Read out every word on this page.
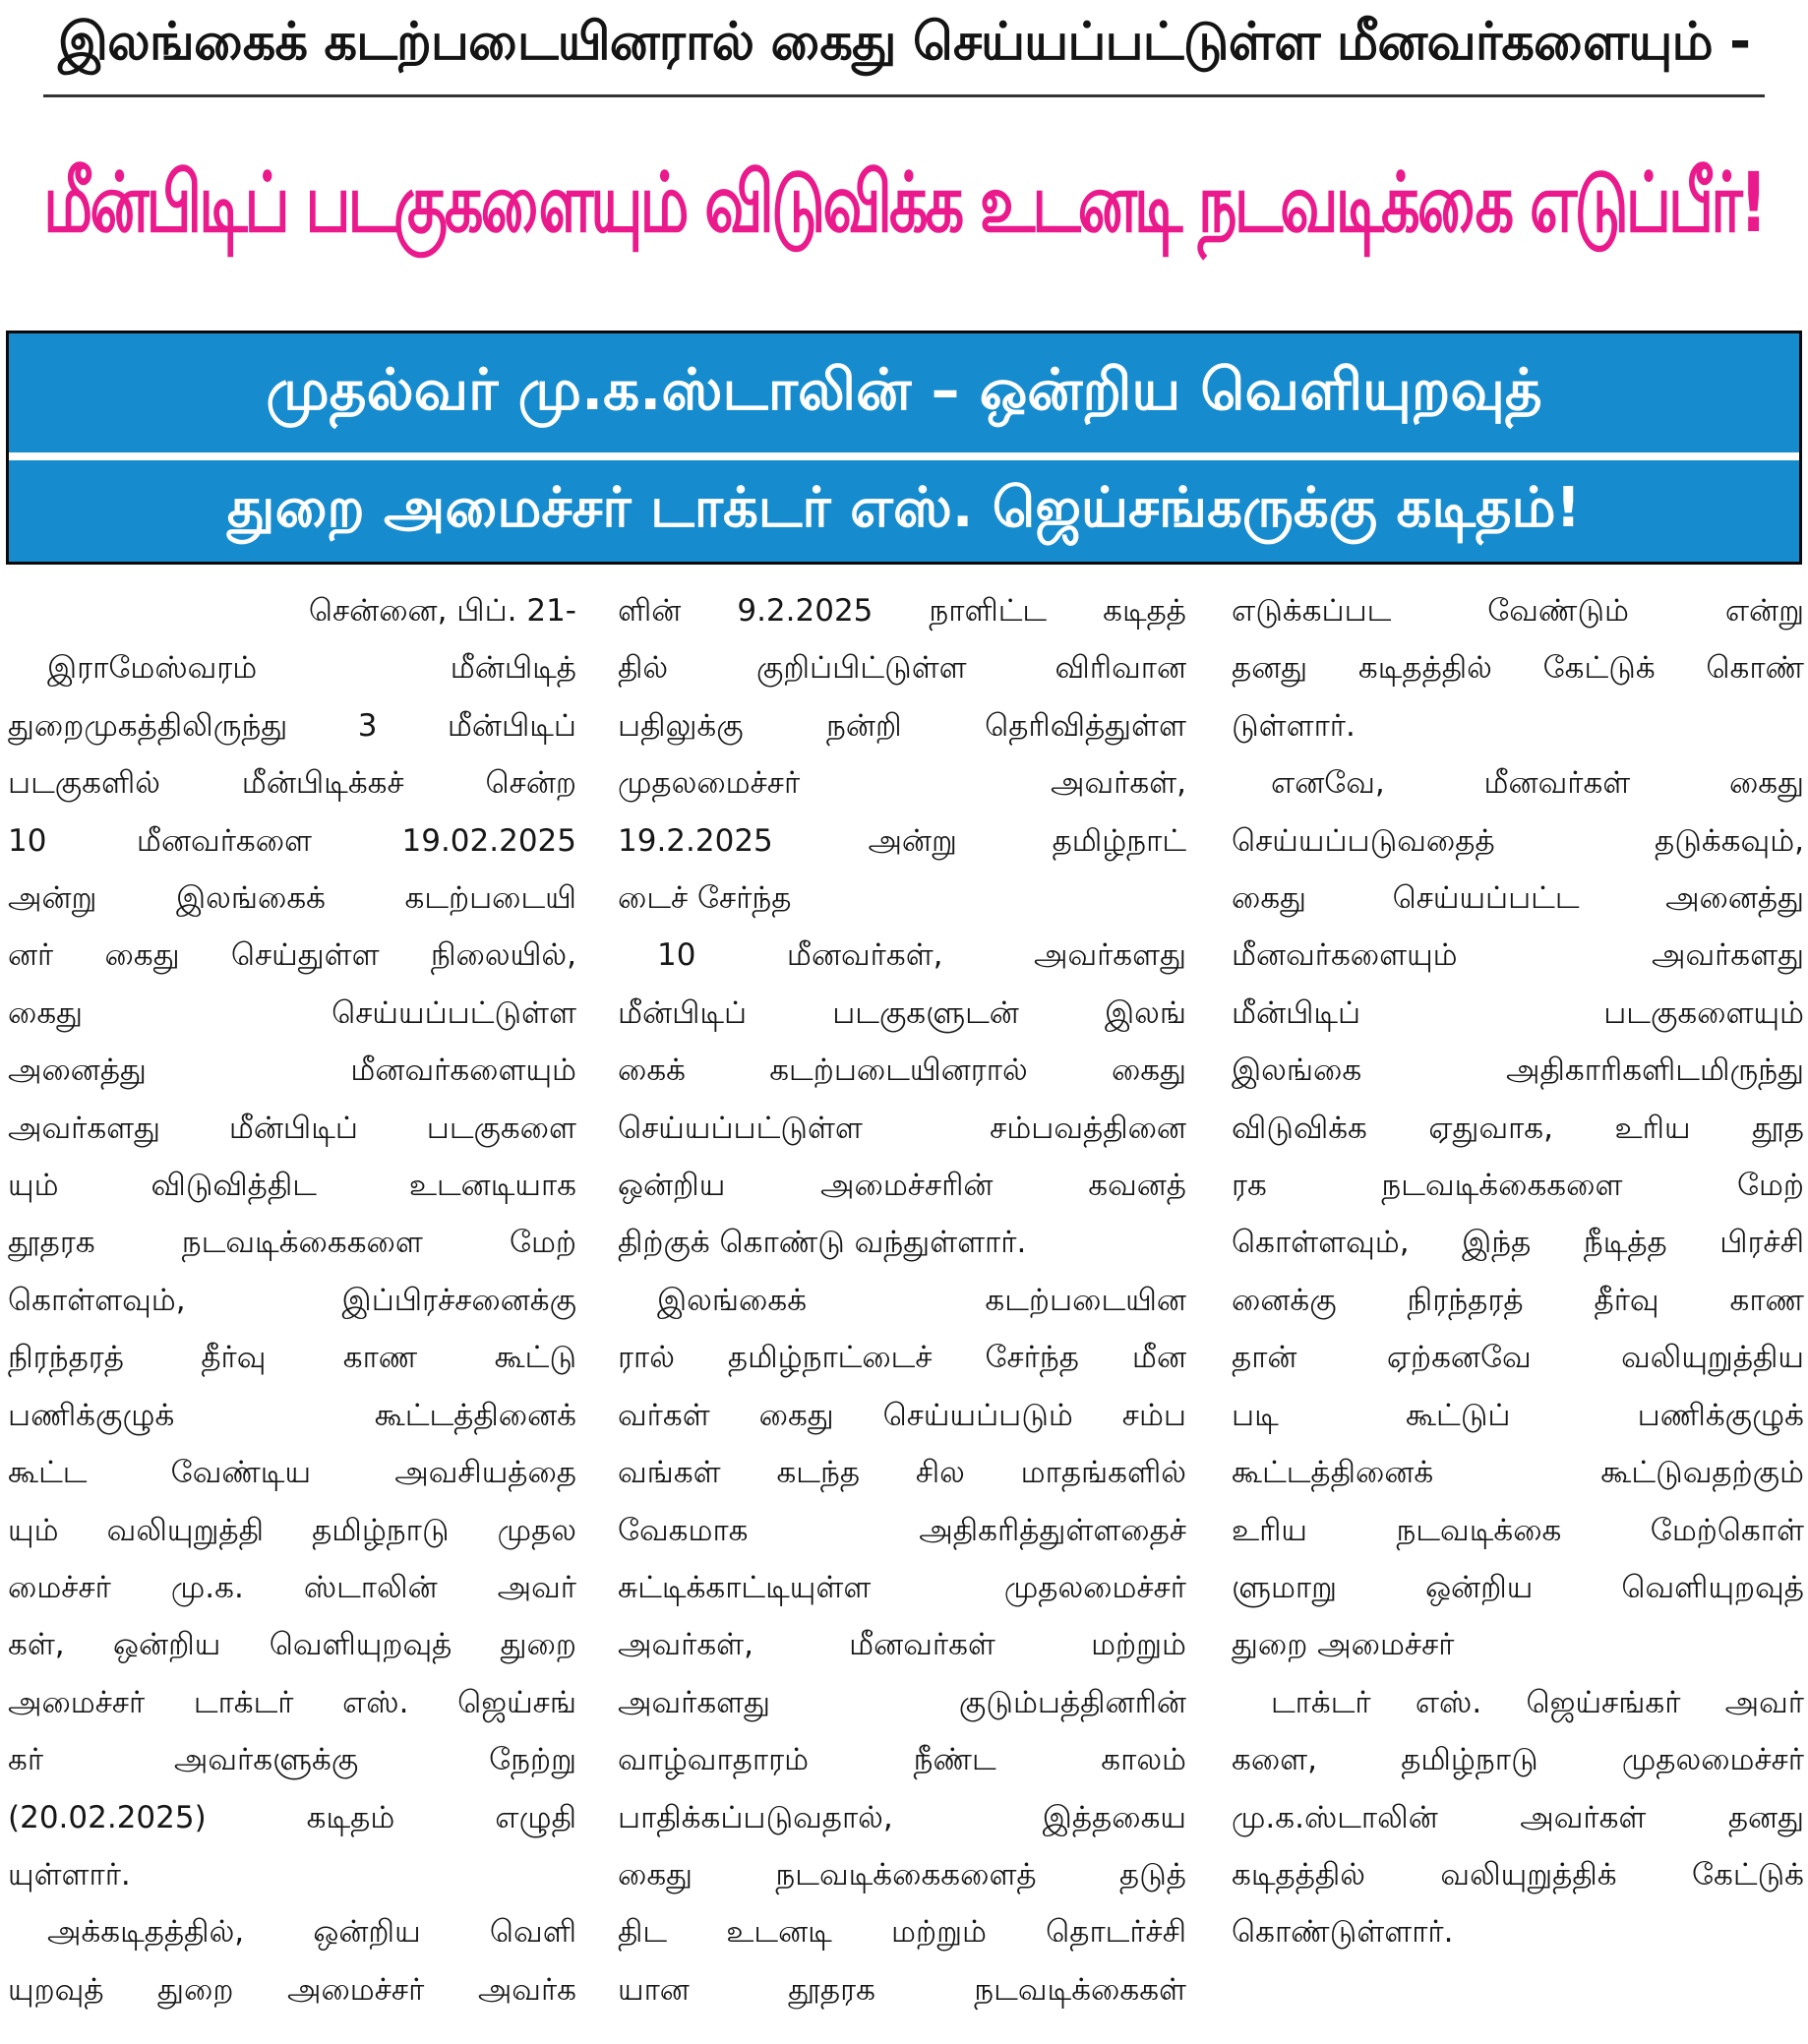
இலங்கைக் கடற்படையினரால் கைது செய்யப்பட்டுள்ள மீனவர்களையும் -
மீன்பிடிப் படகுகளையும் விடுவிக்க உடனடி நடவடிக்கை எடுப்பீர்!
முதல்வர் மு.க.ஸ்டாலின் – ஒன்றிய வெளியுறவுத்
துறை அமைச்சர் டாக்டர் எஸ். ஜெய்சங்கருக்கு கடிதம்!
சென்னை, பிப். 21-
இராமேஸ்வரம் மீன்பிடித்
துறைமுகத்திலிருந்து 3 மீன்பிடிப்
படகுகளில் மீன்பிடிக்கச் சென்ற
10 மீனவர்களை 19.02.2025
அன்று இலங்கைக் கடற்படையி
னர் கைது செய்துள்ள நிலையில்,
கைது செய்யப்பட்டுள்ள
அனைத்து மீனவர்களையும்
அவர்களது மீன்பிடிப் படகுகளை
யும் விடுவித்திட உடனடியாக
தூதரக நடவடிக்கைகளை மேற்
கொள்ளவும், இப்பிரச்சனைக்கு
நிரந்தரத் தீர்வு காண கூட்டு
பணிக்குழுக் கூட்டத்தினைக்
கூட்ட வேண்டிய அவசியத்தை
யும் வலியுறுத்தி தமிழ்நாடு முதல
மைச்சர் மு.க. ஸ்டாலின் அவர்
கள், ஒன்றிய வெளியுறவுத் துறை
அமைச்சர் டாக்டர் எஸ். ஜெய்சங்
கர் அவர்களுக்கு நேற்று
(20.02.2025) கடிதம் எழுதி
யுள்ளார்.
அக்கடிதத்தில், ஒன்றிய வெளி
யுறவுத் துறை அமைச்சர் அவர்க
ளின் 9.2.2025 நாளிட்ட கடிதத்
தில் குறிப்பிட்டுள்ள விரிவான
பதிலுக்கு நன்றி தெரிவித்துள்ள
முதலமைச்சர் அவர்கள்,
19.2.2025 அன்று தமிழ்நாட்
டைச் சேர்ந்த
10 மீனவர்கள், அவர்களது
மீன்பிடிப் படகுகளுடன் இலங்
கைக் கடற்படையினரால் கைது
செய்யப்பட்டுள்ள சம்பவத்தினை
ஒன்றிய அமைச்சரின் கவனத்
திற்குக் கொண்டு வந்துள்ளார்.
இலங்கைக் கடற்படையின
ரால் தமிழ்நாட்டைச் சேர்ந்த மீன
வர்கள் கைது செய்யப்படும் சம்ப
வங்கள் கடந்த சில மாதங்களில்
வேகமாக அதிகரித்துள்ளதைச்
சுட்டிக்காட்டியுள்ள முதலமைச்சர்
அவர்கள், மீனவர்கள் மற்றும்
அவர்களது குடும்பத்தினரின்
வாழ்வாதாரம் நீண்ட காலம்
பாதிக்கப்படுவதால், இத்தகைய
கைது நடவடிக்கைகளைத் தடுத்
திட உடனடி மற்றும் தொடர்ச்சி
யான தூதரக நடவடிக்கைகள்
எடுக்கப்பட வேண்டும் என்று
தனது கடிதத்தில் கேட்டுக் கொண்
டுள்ளார்.
எனவே, மீனவர்கள் கைது
செய்யப்படுவதைத் தடுக்கவும்,
கைது செய்யப்பட்ட அனைத்து
மீனவர்களையும் அவர்களது
மீன்பிடிப் படகுகளையும்
இலங்கை அதிகாரிகளிடமிருந்து
விடுவிக்க ஏதுவாக, உரிய தூத
ரக நடவடிக்கைகளை மேற்
கொள்ளவும், இந்த நீடித்த பிரச்சி
னைக்கு நிரந்தரத் தீர்வு காண
தான் ஏற்கனவே வலியுறுத்திய
படி கூட்டுப் பணிக்குழுக்
கூட்டத்தினைக் கூட்டுவதற்கும்
உரிய நடவடிக்கை மேற்கொள்
ளுமாறு ஒன்றிய வெளியுறவுத்
துறை அமைச்சர்
டாக்டர் எஸ். ஜெய்சங்கர் அவர்
களை, தமிழ்நாடு முதலமைச்சர்
மு.க.ஸ்டாலின் அவர்கள் தனது
கடிதத்தில் வலியுறுத்திக் கேட்டுக்
கொண்டுள்ளார்.
